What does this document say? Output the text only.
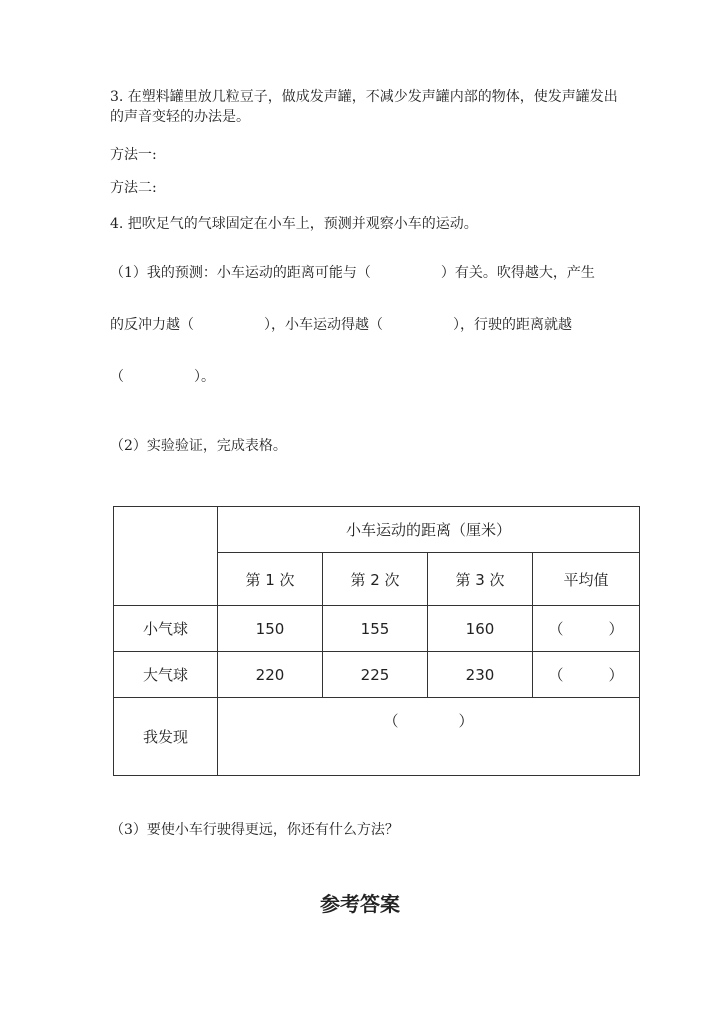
3. 在塑料罐里放几粒豆子，做成发声罐，不减少发声罐内部的物体，使发声罐发出的声音变轻的办法是。
方法一:
方法二:
4. 把吹足气的气球固定在小车上，预测并观察小车的运动。
（1）我的预测：小车运动的距离可能与（　　　　　）有关。吹得越大，产生
的反冲力越（　　　　　），小车运动得越（　　　　　），行驶的距离就越
（　　　　　）。
（2）实验验证，完成表格。
	小车运动的距离（厘米）			
	第 1 次	第 2 次	第 3 次	平均值
小气球	150	155	160	（　　　）
大气球	220	225	230	（　　　）
我发现	（　　　　）			
（3）要使小车行驶得更远，你还有什么方法？
参考答案
